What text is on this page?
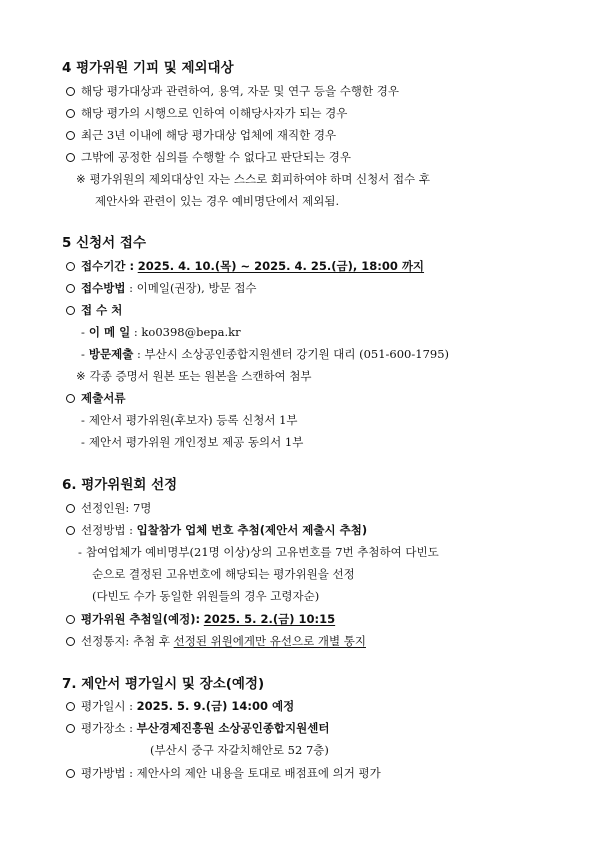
4 평가위원 기피 및 제외대상
해당 평가대상과 관련하여, 용역, 자문 및 연구 등을 수행한 경우
해당 평가의 시행으로 인하여 이해당사자가 되는 경우
최근 3년 이내에 해당 평가대상 업체에 재직한 경우
그밖에 공정한 심의를 수행할 수 없다고 판단되는 경우
※ 평가위원의 제외대상인 자는 스스로 회피하여야 하며 신청서 접수 후
제안사와 관련이 있는 경우 예비명단에서 제외됨.
5 신청서 접수
접수기간 : 2025. 4. 10.(목) ~ 2025. 4. 25.(금), 18:00 까지
접수방법 : 이메일(권장), 방문 접수
접 수 처
- 이 메 일 : ko0398@bepa.kr
- 방문제출 : 부산시 소상공인종합지원센터 강기원 대리 (051-600-1795)
※ 각종 증명서 원본 또는 원본을 스캔하여 첨부
제출서류
- 제안서 평가위원(후보자) 등록 신청서 1부
- 제안서 평가위원 개인정보 제공 동의서 1부
6. 평가위원회 선정
선정인원: 7명
선정방법 : 입찰참가 업체 번호 추첨(제안서 제출시 추첨)
- 참여업체가 예비명부(21명 이상)상의 고유번호를 7번 추첨하여 다빈도
순으로 결정된 고유번호에 해당되는 평가위원을 선정
(다빈도 수가 동일한 위원들의 경우 고령자순)
평가위원 추첨일(예정): 2025. 5. 2.(금) 10:15
선정통지: 추첨 후 선정된 위원에게만 유선으로 개별 통지
7. 제안서 평가일시 및 장소(예정)
평가일시 : 2025. 5. 9.(금) 14:00 예정
평가장소 : 부산경제진흥원 소상공인종합지원센터
(부산시 중구 자갈치해안로 52 7층)
평가방법 : 제안사의 제안 내용을 토대로 배점표에 의거 평가
